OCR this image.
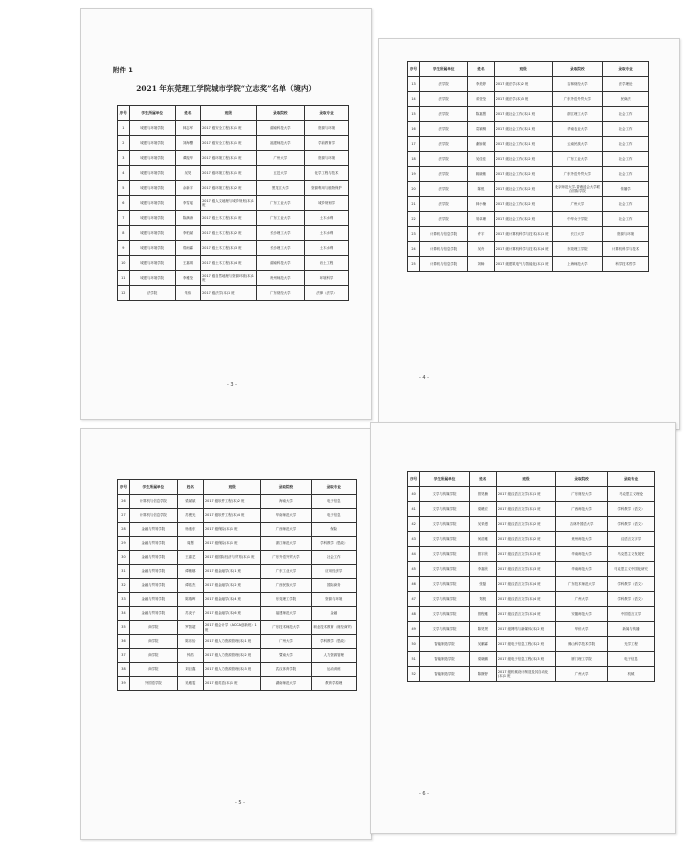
附件 1
2021 年东莞理工学院城市学院“立志奖”名单（境内）
序号	学生所属单位	姓名	班级	录取院校	录取专业
1	城建与环境学院	林志军	2017 级安全工程(本)1 班	湖南科技大学	资源与环境
2	城建与环境学院	刘海樱	2017 级安全工程(本)1 班	福建师范大学	学前教育学
3	城建与环境学院	谭振华	2017 级环境工程(本)1 班	广州大学	资源与环境
4	城建与环境学院	吴昊	2017 级环境工程(本)1 班	五邑大学	化学工程与技术
5	城建与环境学院	余新宇	2017 级环境工程(本)2 班	黑龙江大学	资源利用与植物保护
6	城建与环境学院	李雪瑶	2017 级人文地理与城乡规划(本)1 班	广东工业大学	城乡规划学
7	城建与环境学院	陈满涛	2017 级土木工程(本)1 班	广东工业大学	土木水利
8	城建与环境学院	李柏斌	2017 级土木工程(本)2 班	长沙理工大学	土木水利
9	城建与环境学院	郑雨霖	2017 级土木工程(本)3 班	长沙理工大学	土木水利
10	城建与环境学院	王嘉琪	2017 级土木工程(本)4 班	湖南科技大学	岩土工程
11	城建与环境学院	李雅莹	2017 级自然地理与资源环境(本)1 班	贵州师范大学	环境科学
12	法学院	朱伟	2017 级法学(本)1 班	广东财经大学	法律（法学）
- 3 -
序号	学生所属单位	姓名	班级	录取院校	录取专业
13	法学院	李美婷	2017 级法学(本)2 班	吉林财经大学	法学理论
14	法学院	邓莹莹	2017 级法学(本)3 班	广东外语外贸大学	民商法
15	法学院	陈嘉慧	2017 级社会工作(本)1 班	浙江理工大学	社会工作
16	法学院	袁颖桐	2017 级社会工作(本)1 班	华南农业大学	社会工作
17	法学院	谢娇妮	2017 级社会工作(本)1 班	云南民族大学	社会工作
18	法学院	吴佳佳	2017 级社会工作(本)2 班	广东工业大学	社会工作
19	法学院	姚晓敏	2017 级社会工作(本)2 班	广东外语外贸大学	社会工作
20	法学院	陈悦	2017 级社会工作(本)2 班	北京师范大学-香港浸会大学联合国际学院	传播学
21	法学院	林小楠	2017 级社会工作(本)2 班	广州大学	社会工作
22	法学院	易卓珊	2017 级社会工作(本)2 班	中华女子学院	社会工作
23	计算机与信息学院	许宇	2017 级计算机科学与技术(本)1 班	长江大学	资源与环境
24	计算机与信息学院	吴舟	2017 级计算机科学与技术(本)4 班	东莞理工学院	计算机科学与技术
25	计算机与信息学院	刘畅	2017 级建筑电气与智能化(本)1 班	上海师范大学	科学技术哲学
- 4 -
序号	学生所属单位	姓名	班级	录取院校	录取专业
26	计算机与信息学院	梁斌斌	2017 级软件工程(本)2 班	海南大学	电子信息
27	计算机与信息学院	苏俊光	2017 级软件工程(本)4 班	华南师范大学	电子信息
28	金融与贸易学院	杨逸东	2017 级保险(本)1 班	广西师范大学	保险
29	金融与贸易学院	周慧	2017 级保险(本)1 班	浙江师范大学	学科教学（思政）
30	金融与贸易学院	王嘉艺	2017 级国际经济与贸易(本)1 班	广东外语外贸大学	社会工作
31	金融与贸易学院	谭敏娜	2017 级金融学(本)1 班	广东工业大学	应用经济学
32	金融与贸易学院	谭佑杰	2017 级金融学(本)2 班	广西民族大学	国际商务
33	金融与贸易学院	陈瑞晖	2017 级金融学(本)4 班	东莞理工学院	资源与环境
34	金融与贸易学院	苏炎子	2017 级金融学(本)6 班	福建师范大学	金融
35	商学院	罗智超	2017 级会计学（ACCA创新班）1 班	广东技术师范大学	职业技术教育（财经商贸）
36	商学院	陈乐怡	2017 级人力资源管理(本)1 班	广州大学	学科教学（思政）
37	商学院	钟浩	2017 级人力资源管理(本)2 班	暨南大学	人力资源管理
38	商学院	刘巨鑫	2017 级人力资源管理(本)3 班	武汉体育学院	运动训练
39	外国语学院	吴雅雯	2017 级英语(本)1 班	湖南师范大学	教育学原理
- 5 -
序号	学生所属单位	姓名	班级	录取院校	录取专业
40	文学与传媒学院	曾昊楠	2017 级汉语言文学(本)1 班	广东财经大学	马克思主义理论
41	文学与传媒学院	梁赣宏	2017 级汉语言文学(本)1 班	广西师范大学	学科教学（语文）
42	文学与传媒学院	吴采漫	2017 级汉语言文学(本)2 班	吉林外国语大学	学科教学（语文）
43	文学与传媒学院	何浩雅	2017 级汉语言文学(本)2 班	贵州师范大学	汉语言文字学
44	文学与传媒学院	曾宇欣	2017 级汉语言文学(本)3 班	华南师范大学	马克思主义发展史
45	文学与传媒学院	李嘉欣	2017 级汉语言文学(本)3 班	华南师范大学	马克思主义中国化研究
46	文学与传媒学院	张磊	2017 级汉语言文学(本)4 班	广东技术师范大学	学科教学（语文）
47	文学与传媒学院	郑锐	2017 级汉语言文学(本)4 班	广州大学	学科教学（语文）
48	文学与传媒学院	曾程雅	2017 级汉语言文学(本)4 班	安徽师范大学	中国语言文学
49	文学与传媒学院	陈昊贤	2017 级网络与新媒体(本)2 班	华侨大学	新闻与传播
50	智能制造学院	吴鹏霖	2017 级电子信息工程(本)2 班	佛山科学技术学院	光学工程
51	智能制造学院	梁晓鹏	2017 级电子信息工程(本)3 班	厦门理工学院	电子信息
52	智能制造学院	陈斯野	2017 级机械设计制造及其自动化(本)1 班	广州大学	机械
- 6 -
